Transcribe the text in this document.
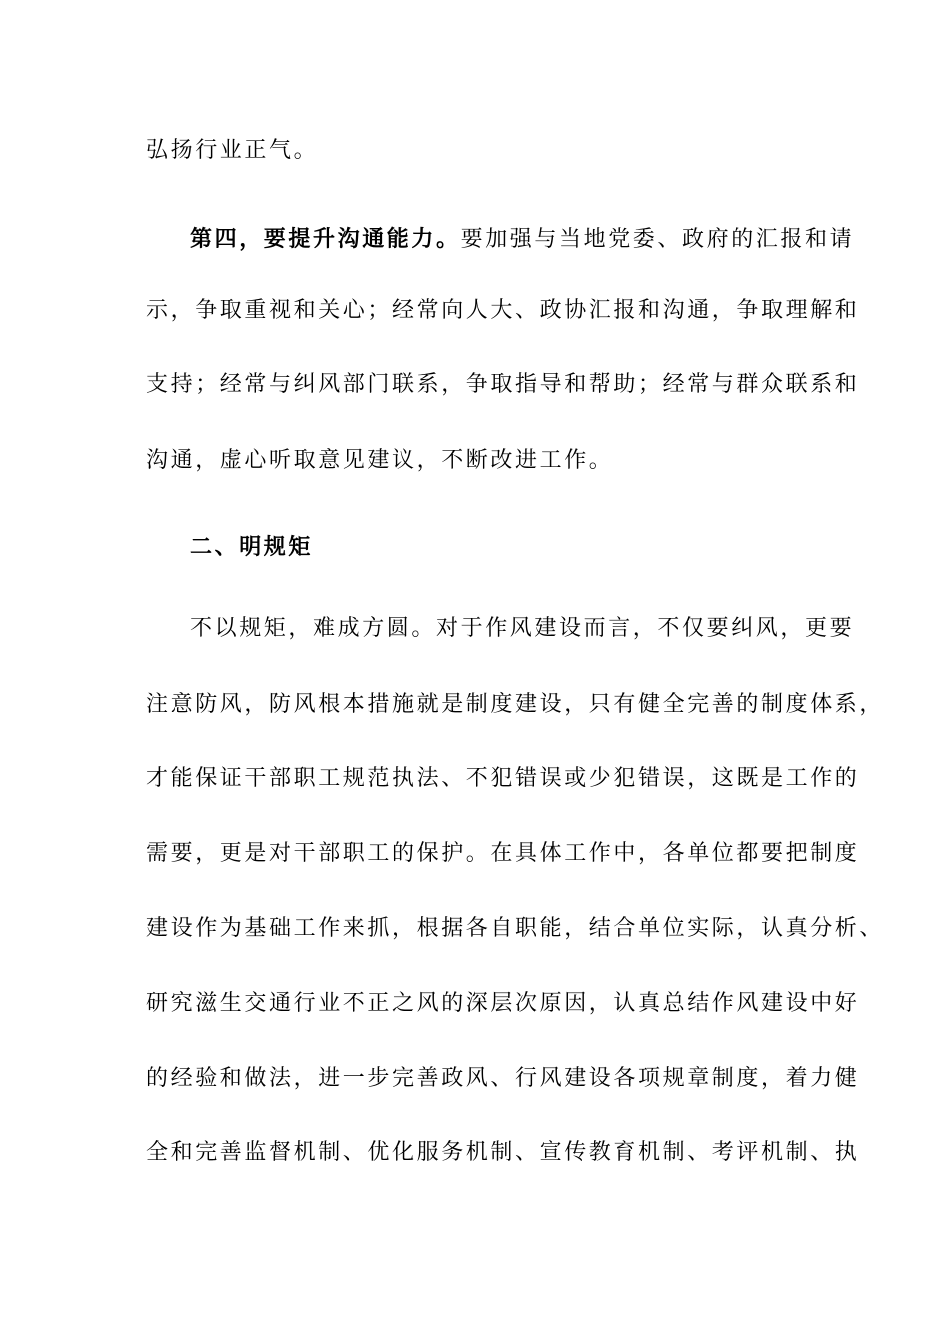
弘扬行业正气。
第四，要提升沟通能力。要加强与当地党委、政府的汇报和请
示，争取重视和关心；经常向人大、政协汇报和沟通，争取理解和
支持；经常与纠风部门联系，争取指导和帮助；经常与群众联系和
沟通，虚心听取意见建议，不断改进工作。
二、明规矩
不以规矩，难成方圆。对于作风建设而言，不仅要纠风，更要
注意防风，防风根本措施就是制度建设，只有健全完善的制度体系，
才能保证干部职工规范执法、不犯错误或少犯错误，这既是工作的
需要，更是对干部职工的保护。在具体工作中，各单位都要把制度
建设作为基础工作来抓，根据各自职能，结合单位实际，认真分析、
研究滋生交通行业不正之风的深层次原因，认真总结作风建设中好
的经验和做法，进一步完善政风、行风建设各项规章制度，着力健
全和完善监督机制、优化服务机制、宣传教育机制、考评机制、执
